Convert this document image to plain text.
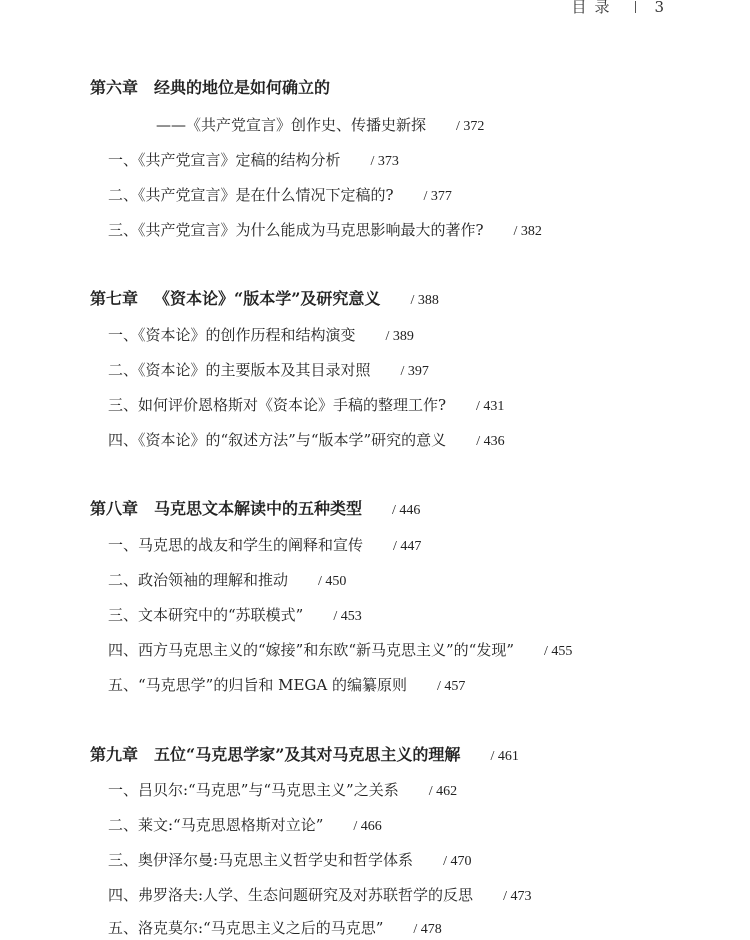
目录 3
第六章 经典的地位是如何确立的
——《共产党宣言》创作史、传播史新探 / 372
一、《共产党宣言》定稿的结构分析 / 373
二、《共产党宣言》是在什么情况下定稿的? / 377
三、《共产党宣言》为什么能成为马克思影响最大的著作? / 382
第七章 《资本论》“版本学”及研究意义 / 388
一、《资本论》的创作历程和结构演变 / 389
二、《资本论》的主要版本及其目录对照 / 397
三、如何评价恩格斯对《资本论》手稿的整理工作? / 431
四、《资本论》的“叙述方法”与“版本学”研究的意义 / 436
第八章 马克思文本解读中的五种类型 / 446
一、马克思的战友和学生的阐释和宣传 / 447
二、政治领袖的理解和推动 / 450
三、文本研究中的“苏联模式” / 453
四、西方马克思主义的“嫁接”和东欧“新马克思主义”的“发现” / 455
五、“马克思学”的归旨和 MEGA 的编纂原则 / 457
第九章 五位“马克思学家”及其对马克思主义的理解 / 461
一、吕贝尔:“马克思”与“马克思主义”之关系 / 462
二、莱文:“马克思恩格斯对立论” / 466
三、奥伊泽尔曼:马克思主义哲学史和哲学体系 / 470
四、弗罗洛夫:人学、生态问题研究及对苏联哲学的反思 / 473
五、洛克莫尔:“马克思主义之后的马克思” / 478
